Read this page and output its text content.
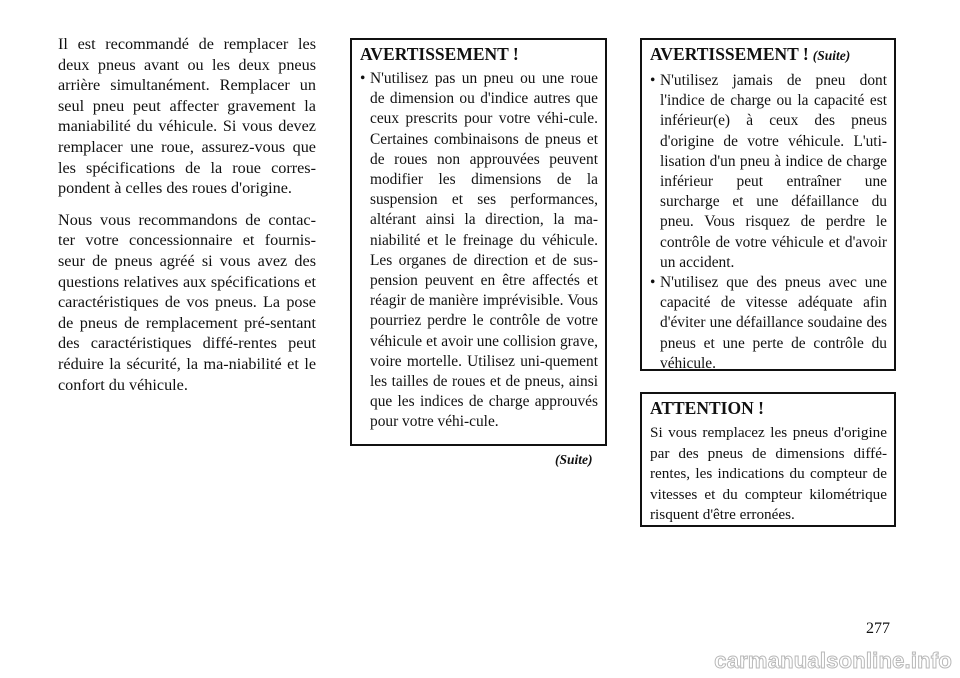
Il est recommandé de remplacer les deux pneus avant ou les deux pneus arrière simultanément. Remplacer un seul pneu peut affecter gravement la maniabilité du véhicule. Si vous devez remplacer une roue, assurez-vous que les spécifications de la roue corres-pondent à celles des roues d'origine.

Nous vous recommandons de contac-ter votre concessionnaire et fournis-seur de pneus agréé si vous avez des questions relatives aux spécifications et caractéristiques de vos pneus. La pose de pneus de remplacement pré-sentant des caractéristiques diffé-rentes peut réduire la sécurité, la ma-niabilité et le confort du véhicule.

AVERTISSEMENT !
• N'utilisez pas un pneu ou une roue de dimension ou d'indice autres que ceux prescrits pour votre véhi-cule. Certaines combinaisons de pneus et de roues non approuvées peuvent modifier les dimensions de la suspension et ses performances, altérant ainsi la direction, la ma-niabilité et le freinage du véhicule. Les organes de direction et de sus-pension peuvent en être affectés et réagir de manière imprévisible. Vous pourriez perdre le contrôle de votre véhicule et avoir une collision grave, voire mortelle. Utilisez uni-quement les tailles de roues et de pneus, ainsi que les indices de charge approuvés pour votre véhi-cule.
(Suite)
AVERTISSEMENT ! (Suite)
• N'utilisez jamais de pneu dont l'indice de charge ou la capacité est inférieur(e) à ceux des pneus d'origine de votre véhicule. L'uti-lisation d'un pneu à indice de charge inférieur peut entraîner une surcharge et une défaillance du pneu. Vous risquez de perdre le contrôle de votre véhicule et d'avoir un accident.
• N'utilisez que des pneus avec une capacité de vitesse adéquate afin d'éviter une défaillance soudaine des pneus et une perte de contrôle du véhicule.
ATTENTION !

Si vous remplacez les pneus d'origine par des pneus de dimensions diffé-rentes, les indications du compteur de vitesses et du compteur kilométrique risquent d'être erronées.

277
carmanualsonline.info
